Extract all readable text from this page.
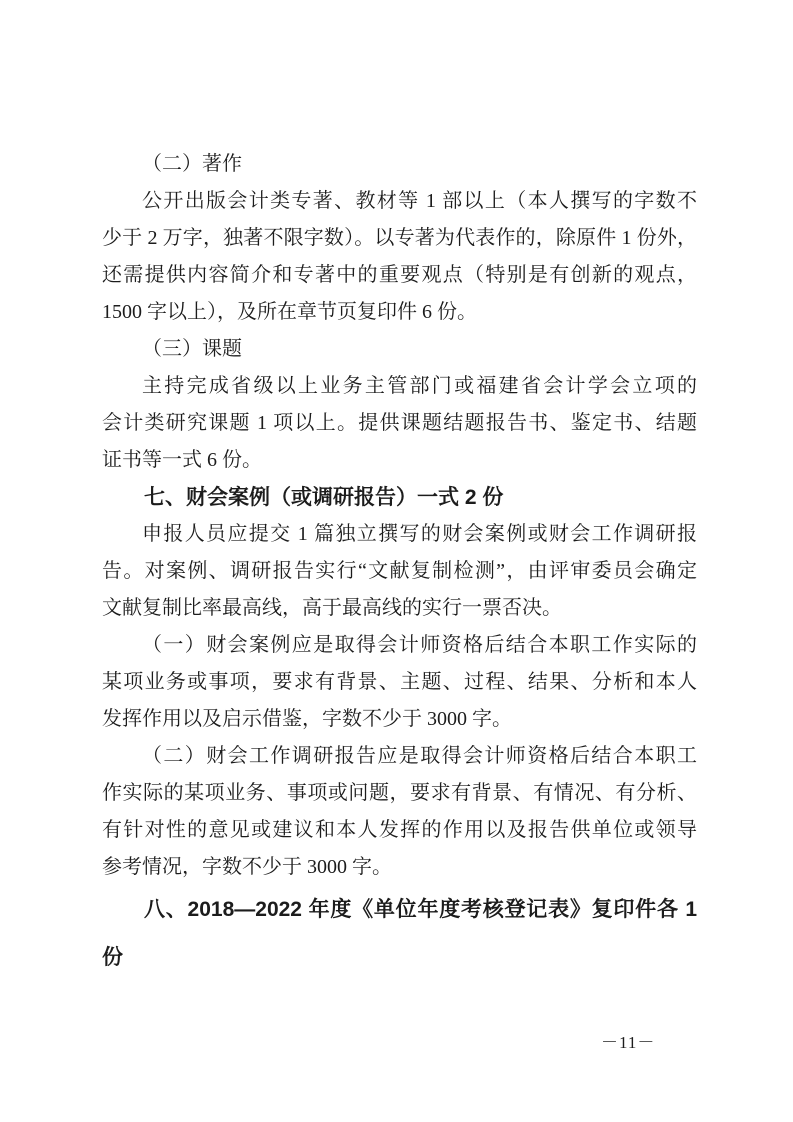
（二）著作
公开出版会计类专著、教材等 1 部以上（本人撰写的字数不
少于 2 万字，独著不限字数）。以专著为代表作的，除原件 1 份外，
还需提供内容简介和专著中的重要观点（特别是有创新的观点，
1500 字以上），及所在章节页复印件 6 份。
（三）课题
主持完成省级以上业务主管部门或福建省会计学会立项的
会计类研究课题 1 项以上。提供课题结题报告书、鉴定书、结题
证书等一式 6 份。
七、财会案例（或调研报告）一式 2 份
申报人员应提交 1 篇独立撰写的财会案例或财会工作调研报
告。对案例、调研报告实行“文献复制检测”，由评审委员会确定
文献复制比率最高线，高于最高线的实行一票否决。
（一）财会案例应是取得会计师资格后结合本职工作实际的
某项业务或事项，要求有背景、主题、过程、结果、分析和本人
发挥作用以及启示借鉴，字数不少于 3000 字。
（二）财会工作调研报告应是取得会计师资格后结合本职工
作实际的某项业务、事项或问题，要求有背景、有情况、有分析、
有针对性的意见或建议和本人发挥的作用以及报告供单位或领导
参考情况，字数不少于 3000 字。
八、2018—2022 年度《单位年度考核登记表》复印件各 1
份
－11－
